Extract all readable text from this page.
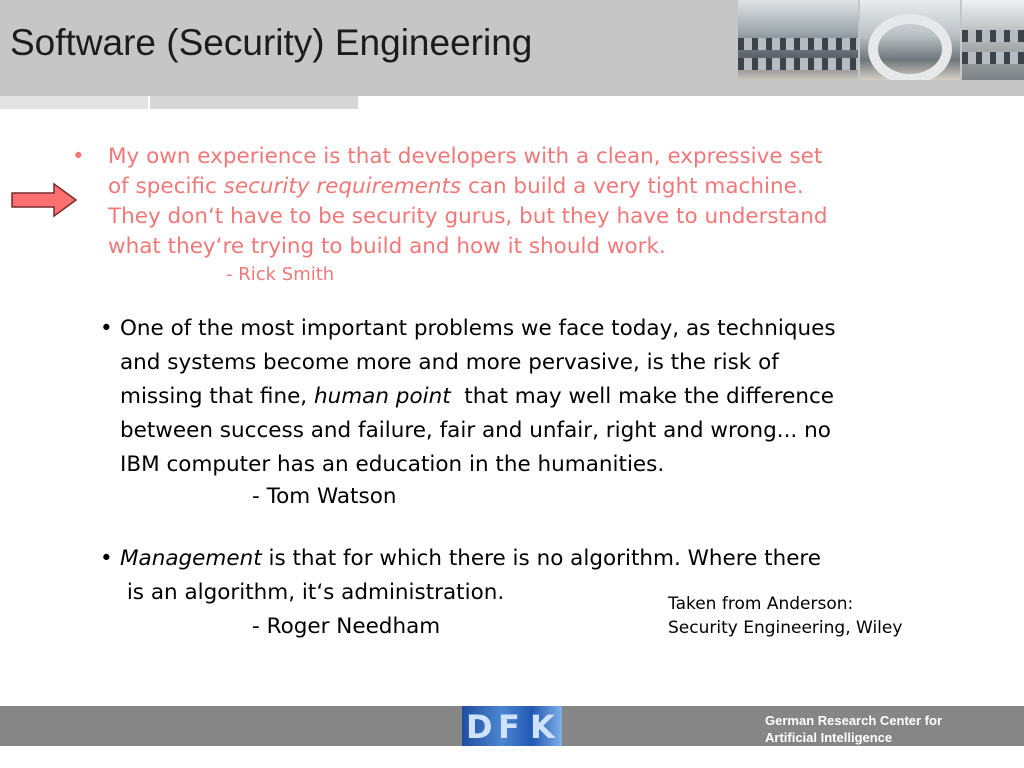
Software (Security) Engineering
• My own experience is that developers with a clean, expressive set
of specific security requirements can build a very tight machine.
They don‘t have to be security gurus, but they have to understand
what they‘re trying to build and how it should work.
- Rick Smith
• One of the most important problems we face today, as techniques
and systems become more and more pervasive, is the risk of
missing that fine, human point  that may well make the difference
between success and failure, fair and unfair, right and wrong... no
IBM computer has an education in the humanities.
- Tom Watson
• Management is that for which there is no algorithm. Where there
is an algorithm, it‘s administration.
- Roger Needham
Taken from Anderson:
Security Engineering, Wiley
D F K	German Research Center for
Artificial Intelligence
